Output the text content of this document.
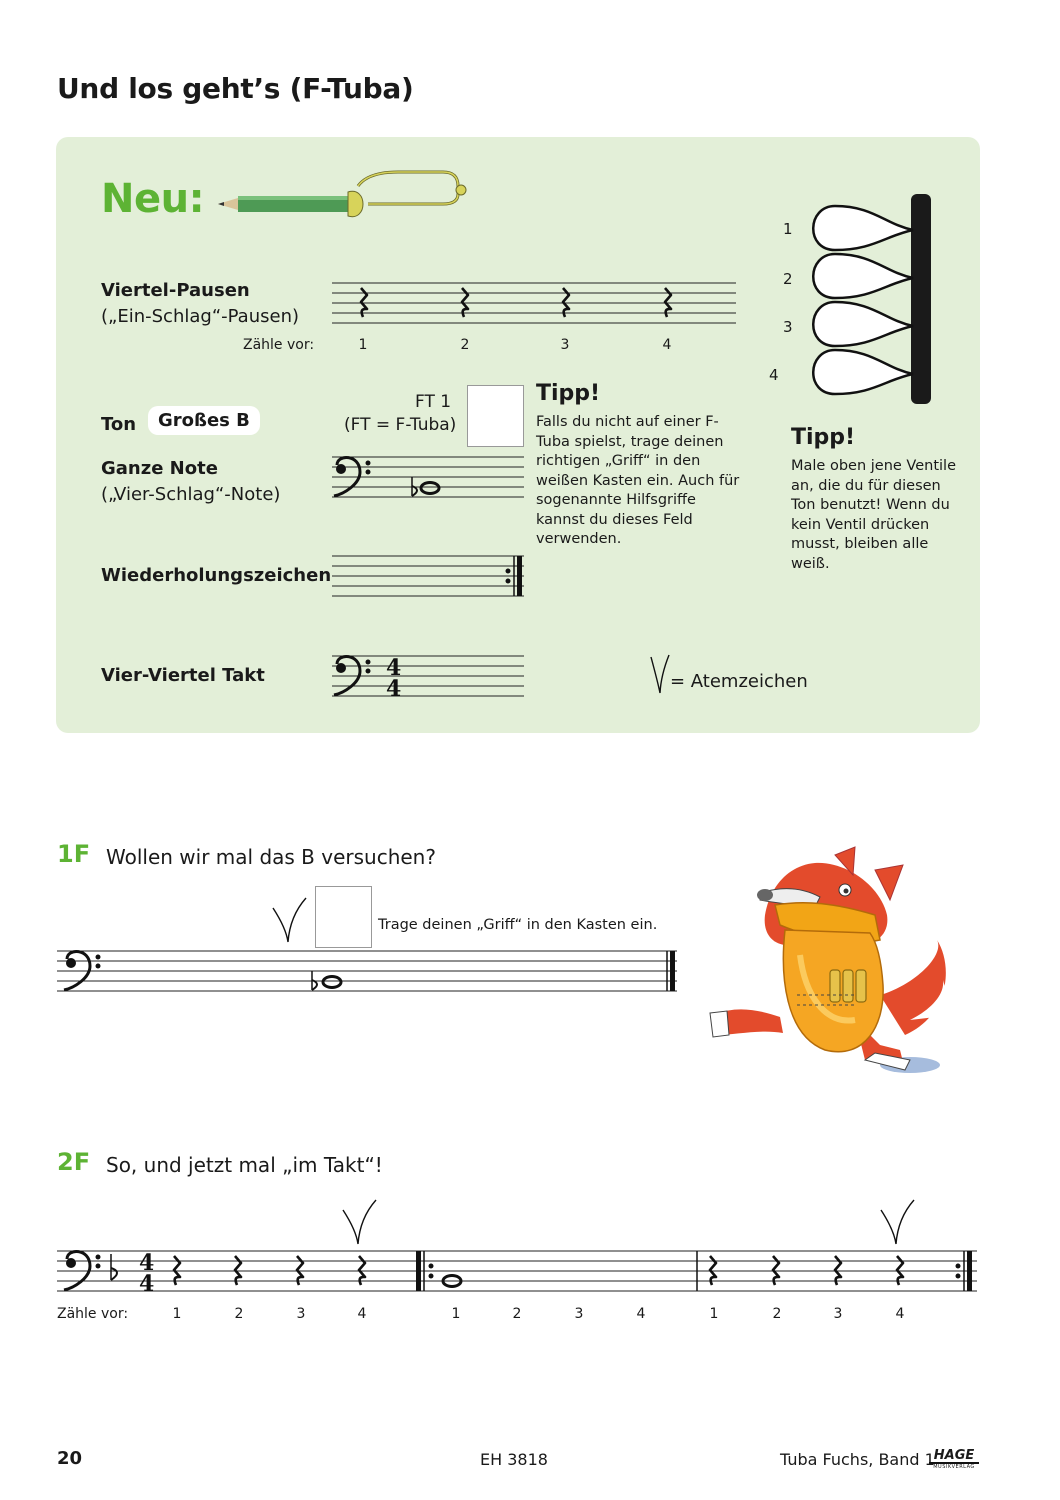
Und los geht’s (F-Tuba)
Neu:
Viertel-Pausen
(„Ein-Schlag“-Pausen)
Zähle vor:	1	2	3	4
Ton	Großes B
FT 1
(FT = F-Tuba)
Ganze Note
(„Vier-Schlag“-Note)
Tipp!
Falls du nicht auf einer F-Tuba spielst, trage deinen richtigen „Griff“ in den weißen Kasten ein. Auch für sogenannte Hilfsgriffe kannst du dieses Feld verwenden.
Wiederholungszeichen
Vier-Viertel Takt	4
4	= Atemzeichen
1
2
3
4
Tipp!
Male oben jene Ventile an, die du für diesen Ton benutzt! Wenn du kein Ventil drücken musst, bleiben alle weiß.
1F Wollen wir mal das B versuchen?
Trage deinen „Griff“ in den Kasten ein.
2F So, und jetzt mal „im Takt“!
4
4
Zähle vor:	1	2	3	4	1	2	3	4	1	2	3	4
20	EH 3818	Tuba Fuchs, Band 1
HAGE
MUSIKVERLAG
